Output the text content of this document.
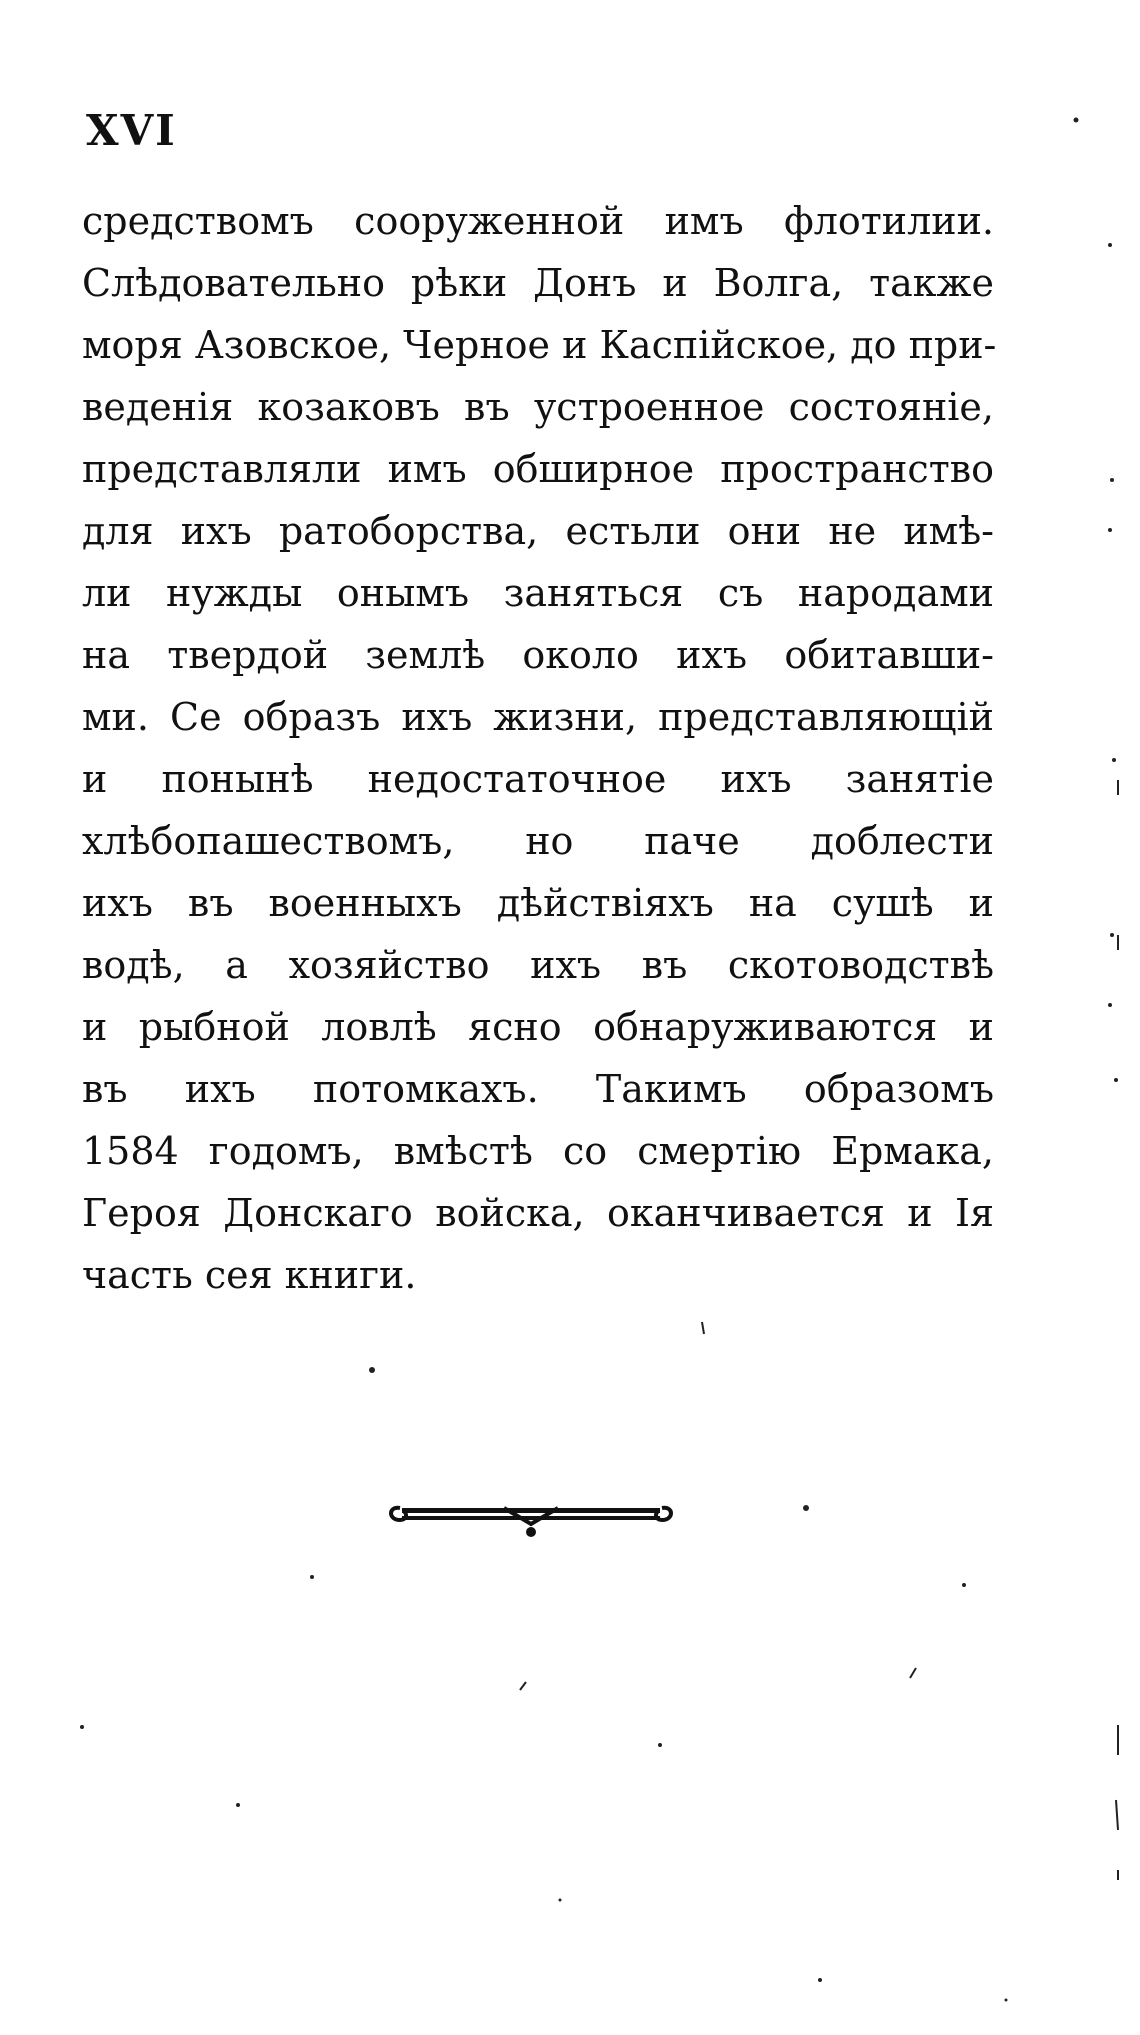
XVI
средствомъ сооруженной имъ флотилии.
Слѣдовательно рѣки Донъ и Волга, также
моря Азовское, Черное и Каспійское, до при-
веденія козаковъ въ устроенное состояніе,
представляли имъ обширное пространство
для ихъ ратоборства, естьли они не имѣ-
ли нужды онымъ заняться съ народами
на твердой землѣ около ихъ обитавши-
ми. Се образъ ихъ жизни, представляющій
и понынѣ недостаточное ихъ занятіе
хлѣбопашествомъ, но паче доблести
ихъ въ военныхъ дѣйствіяхъ на сушѣ и
водѣ, а хозяйство ихъ въ скотоводствѣ
и рыбной ловлѣ ясно обнаруживаются и
въ ихъ потомкахъ. Такимъ образомъ
1584 годомъ, вмѣстѣ со смертію Ермака,
Героя Донскаго войска, оканчивается и Iя
часть сея книги.
